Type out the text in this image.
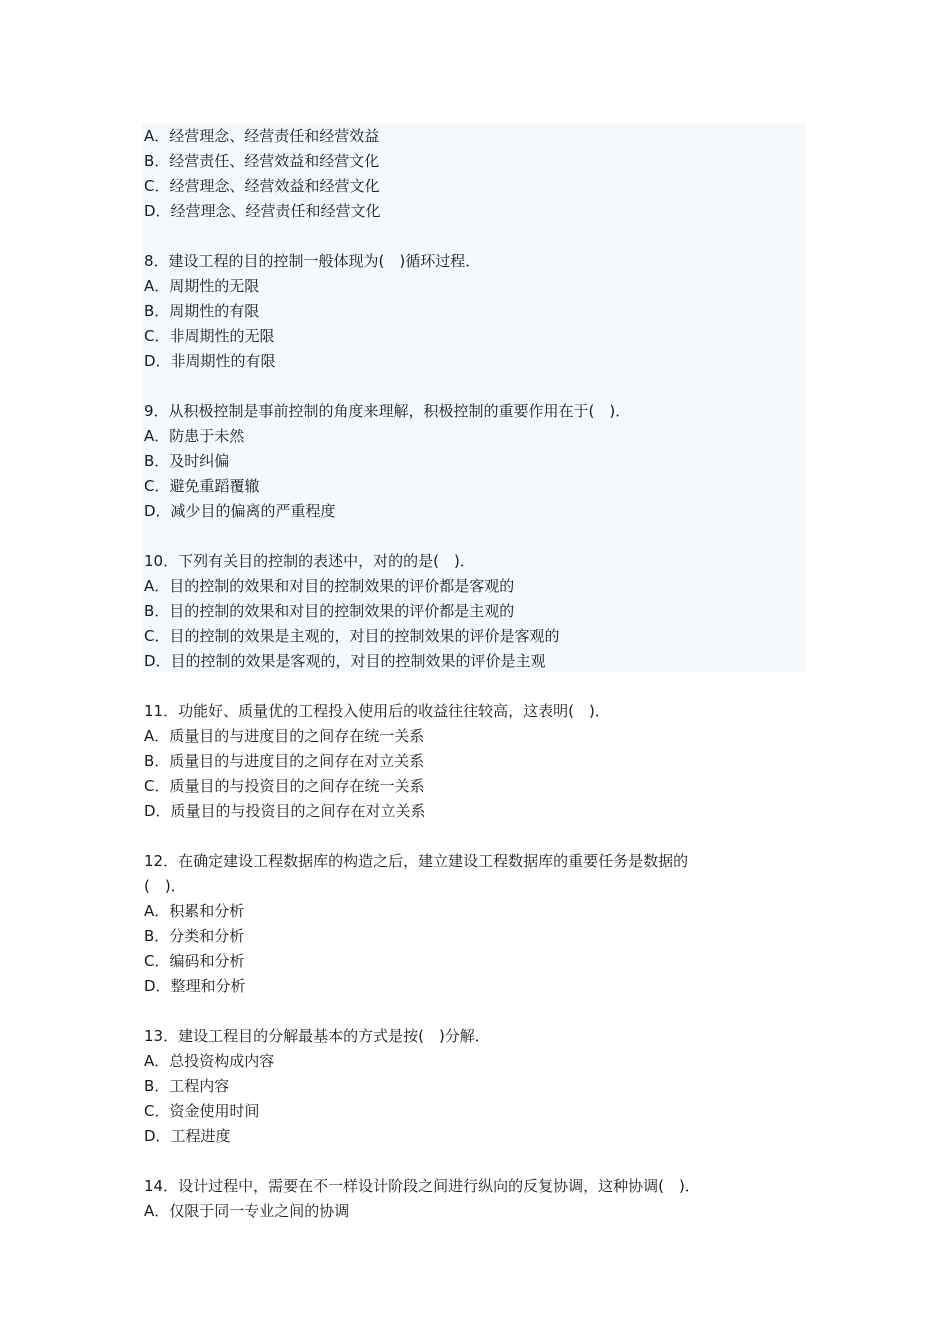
A．经营理念、经营责任和经营效益
B．经营责任、经营效益和经营文化
C．经营理念、经营效益和经营文化
D．经营理念、经营责任和经营文化
8．建设工程的目的控制一般体现为(　)循环过程．
A．周期性的无限
B．周期性的有限
C．非周期性的无限
D．非周期性的有限
9．从积极控制是事前控制的角度来理解，积极控制的重要作用在于(　)．
A．防患于未然
B．及时纠偏
C．避免重蹈覆辙
D．减少目的偏离的严重程度
10．下列有关目的控制的表述中，对的的是(　)．
A．目的控制的效果和对目的控制效果的评价都是客观的
B．目的控制的效果和对目的控制效果的评价都是主观的
C．目的控制的效果是主观的，对目的控制效果的评价是客观的
D．目的控制的效果是客观的，对目的控制效果的评价是主观
11．功能好、质量优的工程投入使用后的收益往往较高，这表明(　)．
A．质量目的与进度目的之间存在统一关系
B．质量目的与进度目的之间存在对立关系
C．质量目的与投资目的之间存在统一关系
D．质量目的与投资目的之间存在对立关系
12．在确定建设工程数据库的构造之后，建立建设工程数据库的重要任务是数据的
(　)．
A．积累和分析
B．分类和分析
C．编码和分析
D．整理和分析
13．建设工程目的分解最基本的方式是按(　)分解．
A．总投资构成内容
B．工程内容
C．资金使用时间
D．工程进度
14．设计过程中，需要在不一样设计阶段之间进行纵向的反复协调，这种协调(　)．
A．仅限于同一专业之间的协调
